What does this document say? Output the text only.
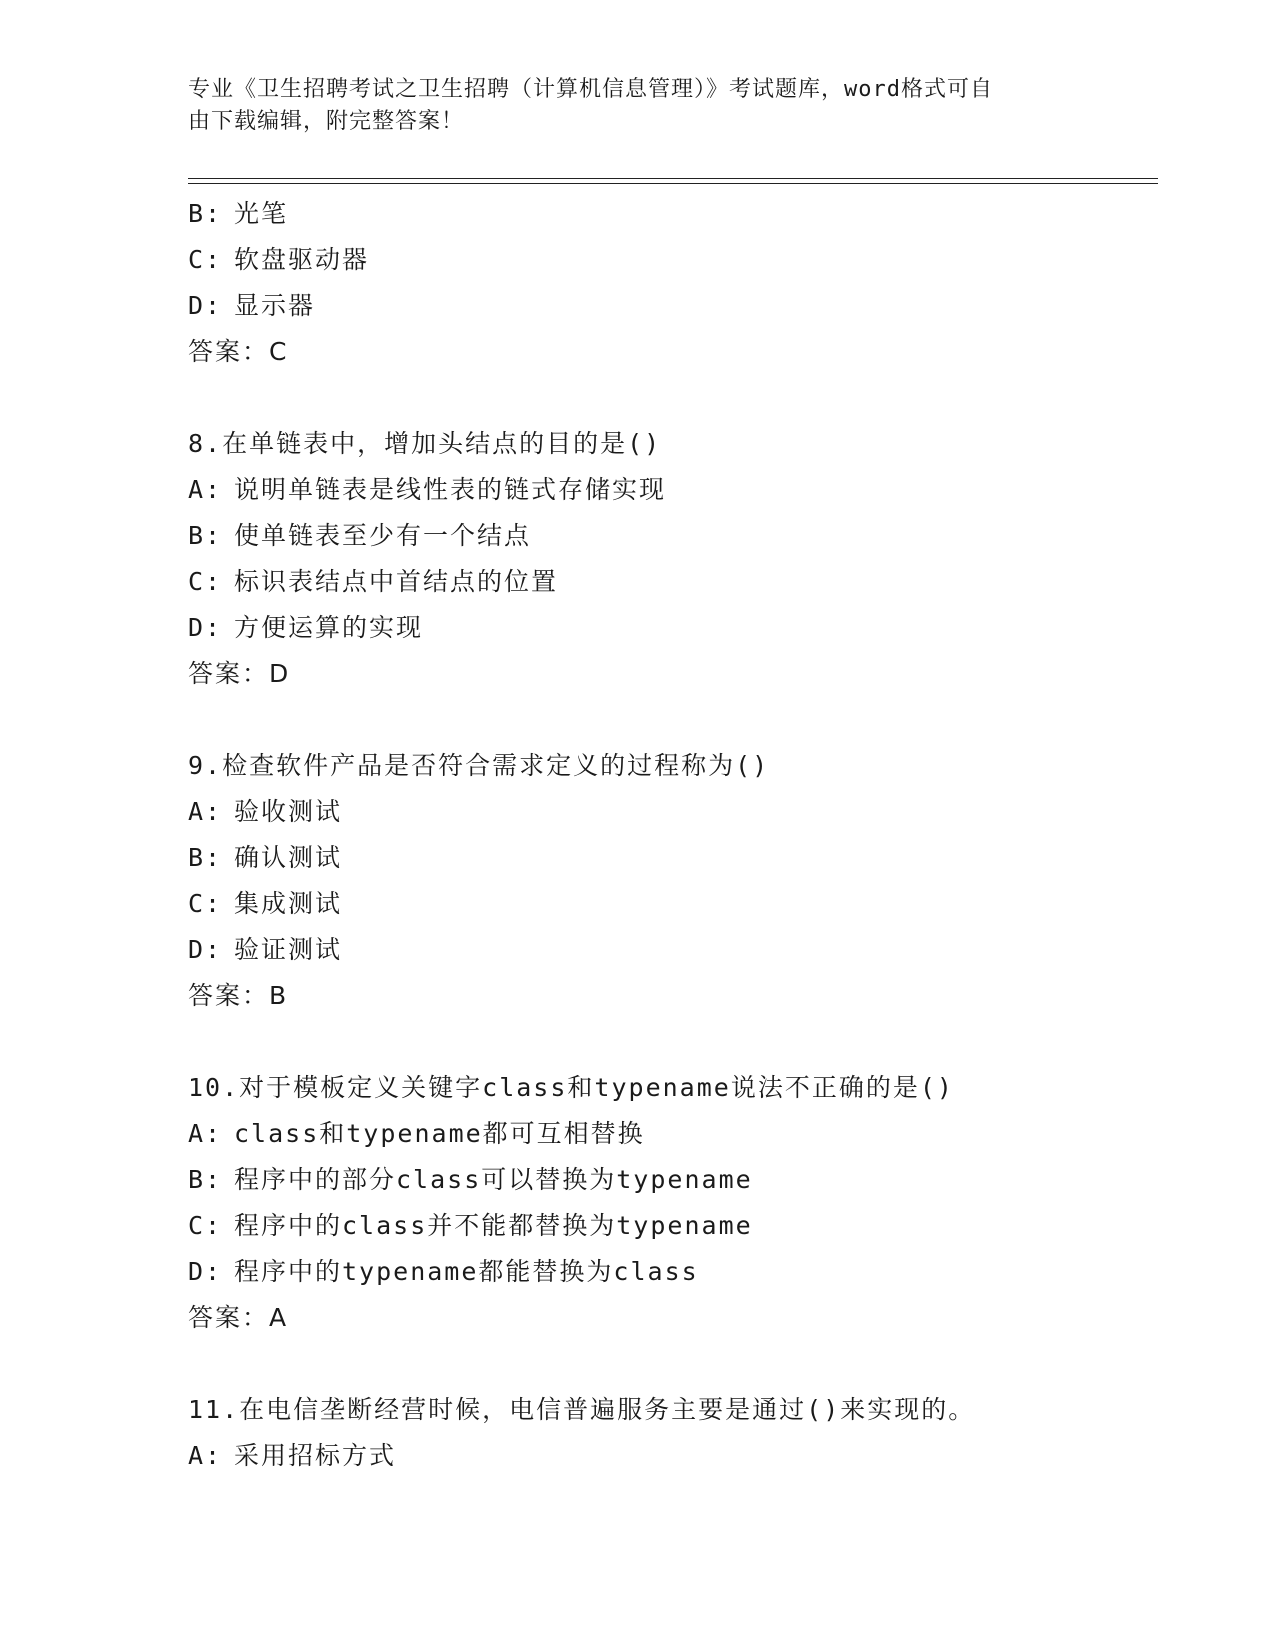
专业《卫生招聘考试之卫生招聘（计算机信息管理）》考试题库，word格式可自
由下载编辑，附完整答案！
B: 光笔
C: 软盘驱动器
D: 显示器
答案：C
8.在单链表中，增加头结点的目的是()
A: 说明单链表是线性表的链式存储实现
B: 使单链表至少有一个结点
C: 标识表结点中首结点的位置
D: 方便运算的实现
答案：D
9.检查软件产品是否符合需求定义的过程称为()
A: 验收测试
B: 确认测试
C: 集成测试
D: 验证测试
答案：B
10.对于模板定义关键字class和typename说法不正确的是()
A: class和typename都可互相替换
B: 程序中的部分class可以替换为typename
C: 程序中的class并不能都替换为typename
D: 程序中的typename都能替换为class
答案：A
11.在电信垄断经营时候，电信普遍服务主要是通过()来实现的。
A: 采用招标方式
